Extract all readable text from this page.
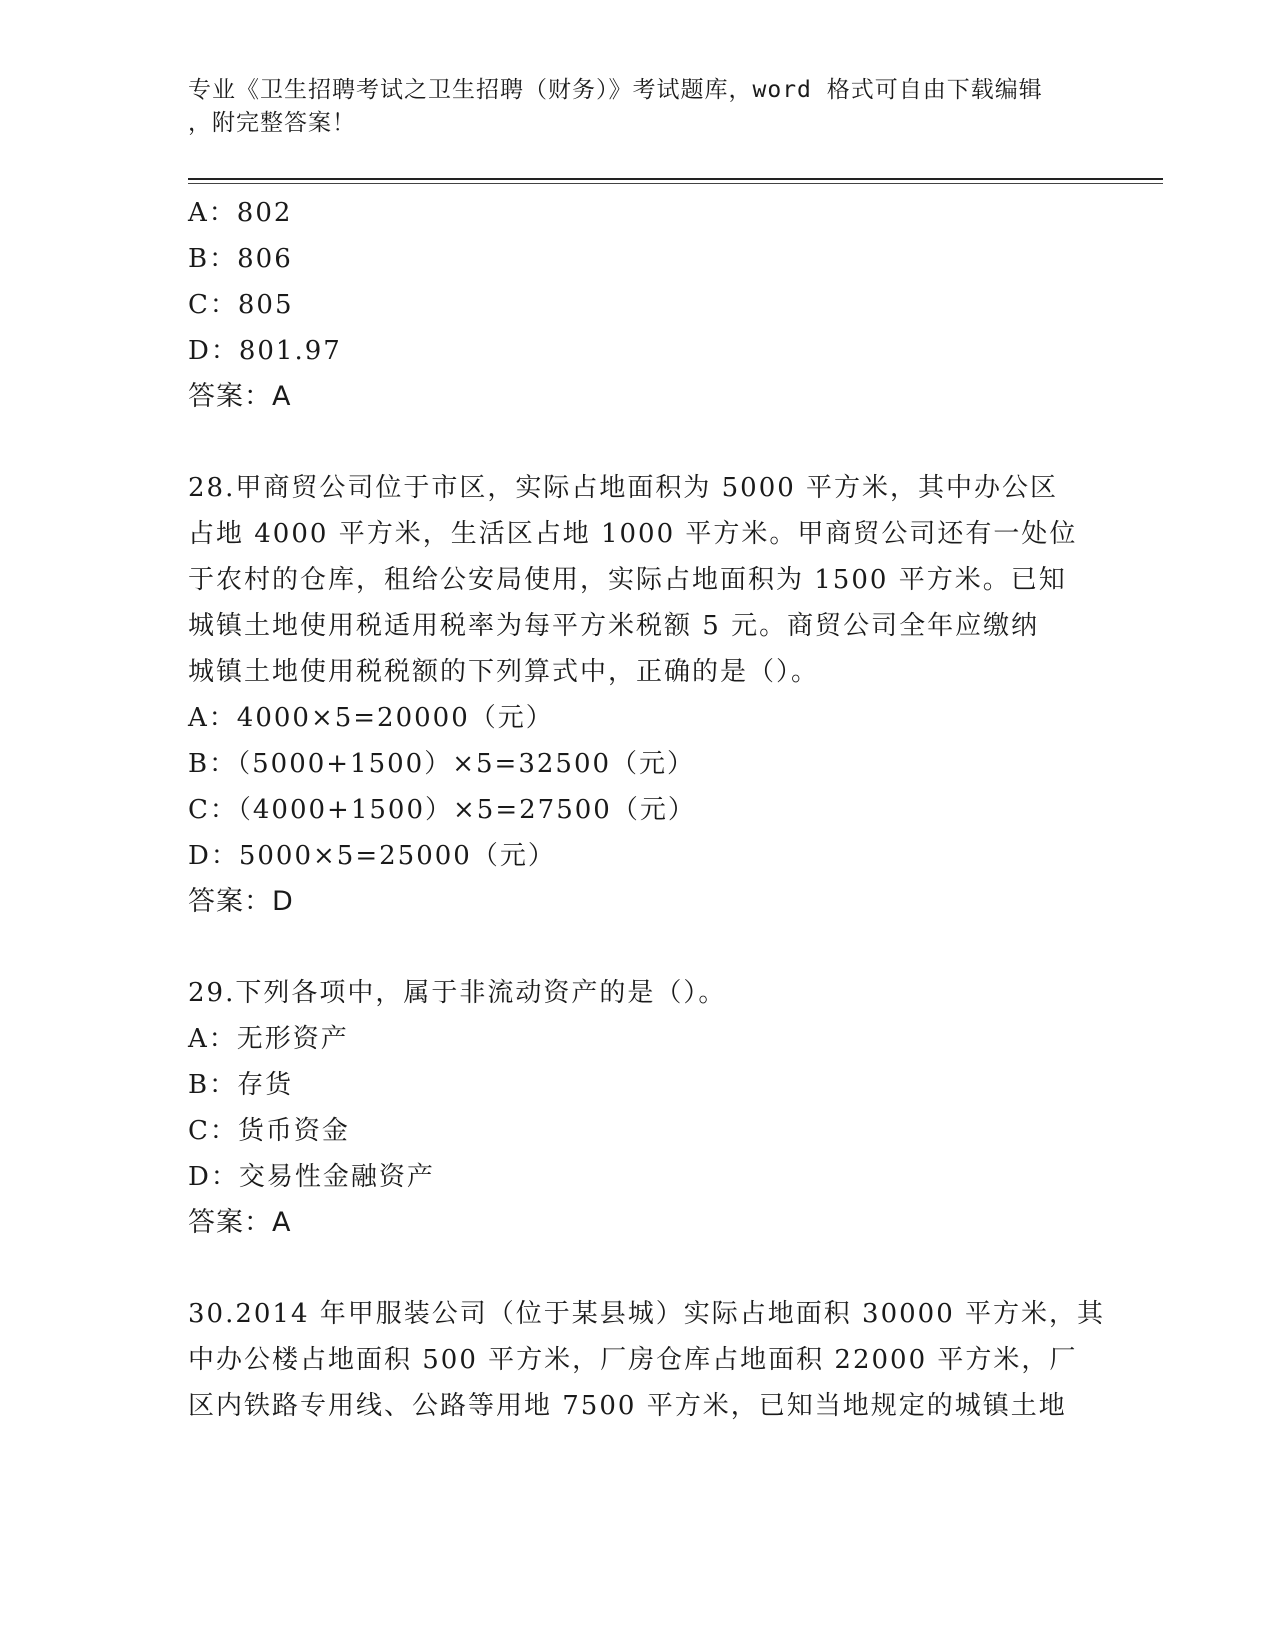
专业《卫生招聘考试之卫生招聘（财务）》考试题库，word 格式可自由下载编辑
，附完整答案！
A：802
B：806
C：805
D：801.97
答案：A
28.甲商贸公司位于市区，实际占地面积为 5000 平方米，其中办公区
占地 4000 平方米，生活区占地 1000 平方米。甲商贸公司还有一处位
于农村的仓库，租给公安局使用，实际占地面积为 1500 平方米。已知
城镇土地使用税适用税率为每平方米税额 5 元。商贸公司全年应缴纳
城镇土地使用税税额的下列算式中，正确的是（）。
A：4000×5=20000（元）
B：（5000+1500）×5=32500（元）
C：（4000+1500）×5=27500（元）
D：5000×5=25000（元）
答案：D
29.下列各项中，属于非流动资产的是（）。
A：无形资产
B：存货
C：货币资金
D：交易性金融资产
答案：A
30.2014 年甲服装公司（位于某县城）实际占地面积 30000 平方米，其
中办公楼占地面积 500 平方米，厂房仓库占地面积 22000 平方米，厂
区内铁路专用线、公路等用地 7500 平方米，已知当地规定的城镇土地
